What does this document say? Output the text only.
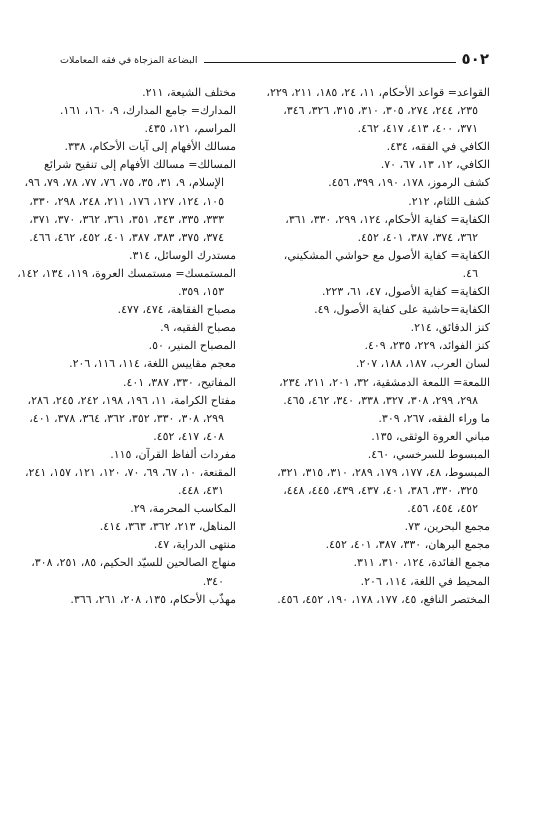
٥٠٢
البضاعة المزجاة في فقه المعاملات
القواعد= قواعد الأحكام، ١١، ٢٤، ١٨٥، ٢١١، ٢٢٩، ٢٣٥، ٢٤٤، ٢٧٤، ٣٠٥، ٣١٠، ٣١٥، ٣٢٦، ٣٤٦، ٣٧١، ٤٠٠، ٤١٣، ٤١٧، ٤٦٢.
الكافي في الفقه، ٤٣٤.
الكافي، ١٢، ١٣، ٦٧، ٧٠.
كشف الرموز، ١٧٨، ١٩٠، ٣٩٩، ٤٥٦.
كشف اللثام، ٢١٢.
الكفاية= كفاية الأحكام، ١٢٤، ٢٩٩، ٣٣٠، ٣٦١، ٣٦٢، ٣٧٤، ٣٨٧، ٤٠١، ٤٥٢.
الكفاية= كفاية الأصول مع حواشي المشكيني، ٤٦.
الكفاية= كفاية الأصول، ٤٧، ٦١، ٢٢٣.
الكفاية=حاشية على كفاية الأصول، ٤٩.
كنز الدقائق، ٢١٤.
كنز الفوائد، ٢٢٩، ٢٣٥، ٤٠٩.
لسان العرب، ١٨٧، ١٨٨، ٢٠٧.
اللمعة= اللمعة الدمشقية، ٣٢، ٢٠١، ٢١١، ٢٣٤، ٢٩٨، ٢٩٩، ٣٠٨، ٣٢٧، ٣٣٨، ٣٤٠، ٤٦٢، ٤٦٥.
ما وراء الفقه، ٢٦٧، ٣٠٩.
مباني العروة الوثقى، ١٣٥.
المبسوط للسرخسي، ٤٦٠.
المبسوط، ٤٨، ١٧٧، ١٧٩، ٢٨٩، ٣١٠، ٣١٥، ٣٢١، ٣٢٥، ٣٣٠، ٣٨٦، ٤٠١، ٤٣٧، ٤٣٩، ٤٤٥، ٤٤٨، ٤٥٢، ٤٥٤، ٤٥٦.
مجمع البحرين، ٧٣.
مجمع البرهان، ٣٣٠، ٣٨٧، ٤٠١، ٤٥٢.
مجمع الفائدة، ١٢٤، ٣١٠، ٣١١.
المحيط في اللغة، ١١٤، ٢٠٦.
المختصر النافع، ٤٥، ١٧٧، ١٧٨، ١٩٠، ٤٥٢، ٤٥٦.
مختلف الشيعة، ٢١١.
المدارك= جامع المدارك، ٩، ١٦٠، ١٦١.
المراسم، ١٢١، ٤٣٥.
مسالك الأفهام إلى آيات الأحكام، ٣٣٨.
المسالك= مسالك الأفهام إلى تنقيح شرائع الإسلام، ٩، ٣١، ٣٥، ٧٥، ٧٦، ٧٧، ٧٨، ٧٩، ٩٦، ١٠٥، ١٢٤، ١٢٧، ١٧٦، ٢١١، ٢٤٨، ٢٩٨، ٣٣٠، ٣٣٣، ٣٣٥، ٣٤٣، ٣٥١، ٣٦١، ٣٦٢، ٣٧٠، ٣٧١، ٣٧٤، ٣٧٥، ٣٨٣، ٣٨٧، ٤٠١، ٤٥٢، ٤٦٢، ٤٦٦.
مستدرك الوسائل، ٣١٤.
المستمسك= مستمسك العروة، ١١٩، ١٣٤، ١٤٢، ١٥٣، ٣٥٩.
مصباح الفقاهة، ٤٧٤، ٤٧٧.
مصباح الفقيه، ٩.
المصباح المنير، ٥٠.
معجم مقاييس اللغة، ١١٤، ١١٦، ٢٠٦.
المفاتيح، ٣٣٠، ٣٨٧، ٤٠١.
مفتاح الكرامة، ١١، ١٩٦، ١٩٨، ٢٤٢، ٢٤٥، ٢٨٦، ٢٩٩، ٣٠٨، ٣٣٠، ٣٥٢، ٣٦٢، ٣٦٤، ٣٧٨، ٤٠١، ٤٠٨، ٤١٧، ٤٥٢.
مفردات ألفاظ القرآن، ١١٥.
المقنعة، ١٠، ٦٧، ٦٩، ٧٠، ١٢٠، ١٢١، ١٥٧، ٢٤١، ٤٣١، ٤٤٨.
المكاسب المحرمة، ٢٩.
المناهل، ٢١٣، ٣٦٢، ٣٦٣، ٤١٤.
منتهى الدراية، ٤٧.
منهاج الصالحين للسيّد الحكيم، ٨٥، ٢٥١، ٣٠٨، ٣٤٠.
مهذّب الأحكام، ١٣٥، ٢٠٨، ٢٦١، ٣٦٦.
